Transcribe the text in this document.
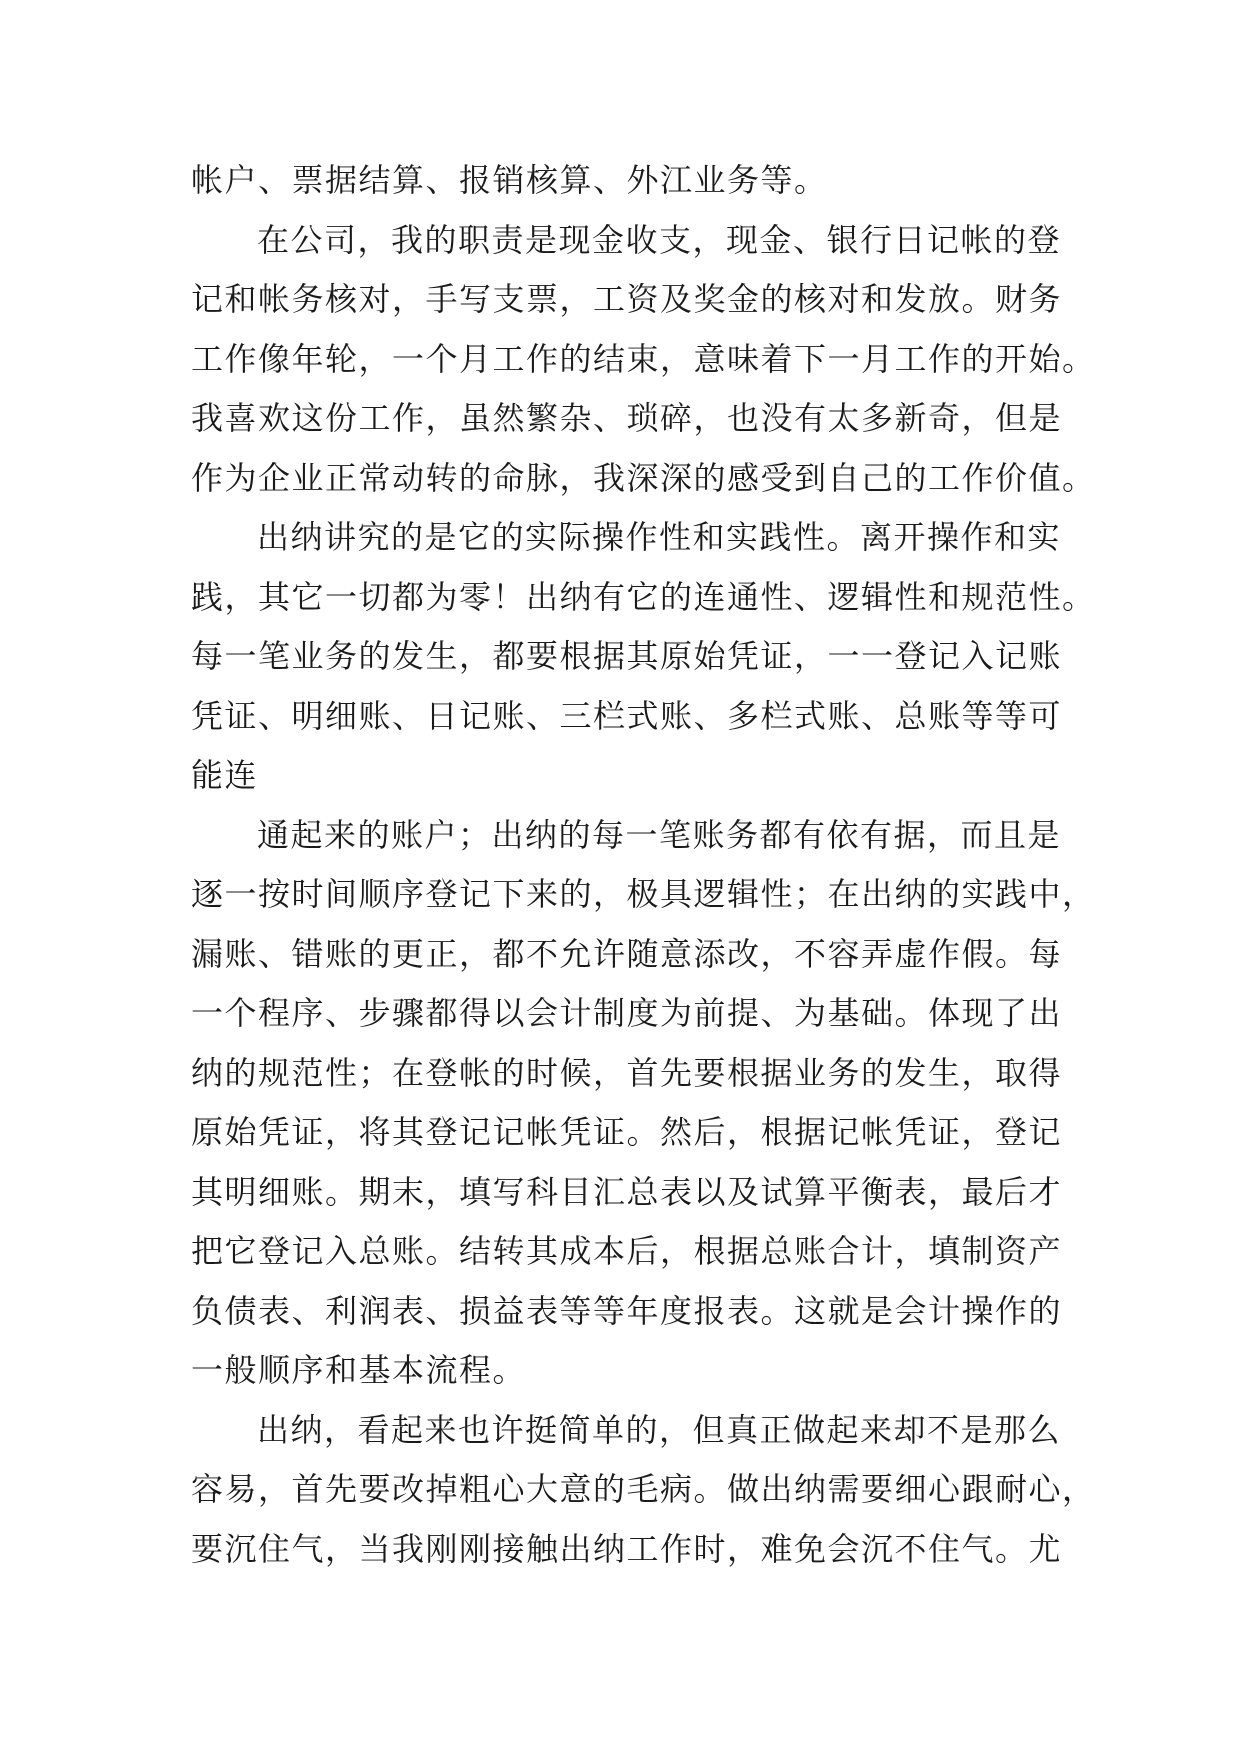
帐户、票据结算、报销核算、外江业务等。
在公司，我的职责是现金收支，现金、银行日记帐的登
记和帐务核对，手写支票，工资及奖金的核对和发放。财务
工作像年轮，一个月工作的结束，意味着下一月工作的开始。
我喜欢这份工作，虽然繁杂、琐碎，也没有太多新奇，但是
作为企业正常动转的命脉，我深深的感受到自己的工作价值。
出纳讲究的是它的实际操作性和实践性。离开操作和实
践，其它一切都为零！出纳有它的连通性、逻辑性和规范性。
每一笔业务的发生，都要根据其原始凭证，一一登记入记账
凭证、明细账、日记账、三栏式账、多栏式账、总账等等可
能连
通起来的账户；出纳的每一笔账务都有依有据，而且是
逐一按时间顺序登记下来的，极具逻辑性；在出纳的实践中，
漏账、错账的更正，都不允许随意添改，不容弄虚作假。每
一个程序、步骤都得以会计制度为前提、为基础。体现了出
纳的规范性；在登帐的时候，首先要根据业务的发生，取得
原始凭证，将其登记记帐凭证。然后，根据记帐凭证，登记
其明细账。期末，填写科目汇总表以及试算平衡表，最后才
把它登记入总账。结转其成本后，根据总账合计，填制资产
负债表、利润表、损益表等等年度报表。这就是会计操作的
一般顺序和基本流程。
出纳，看起来也许挺简单的，但真正做起来却不是那么
容易，首先要改掉粗心大意的毛病。做出纳需要细心跟耐心，
要沉住气，当我刚刚接触出纳工作时，难免会沉不住气。尤
